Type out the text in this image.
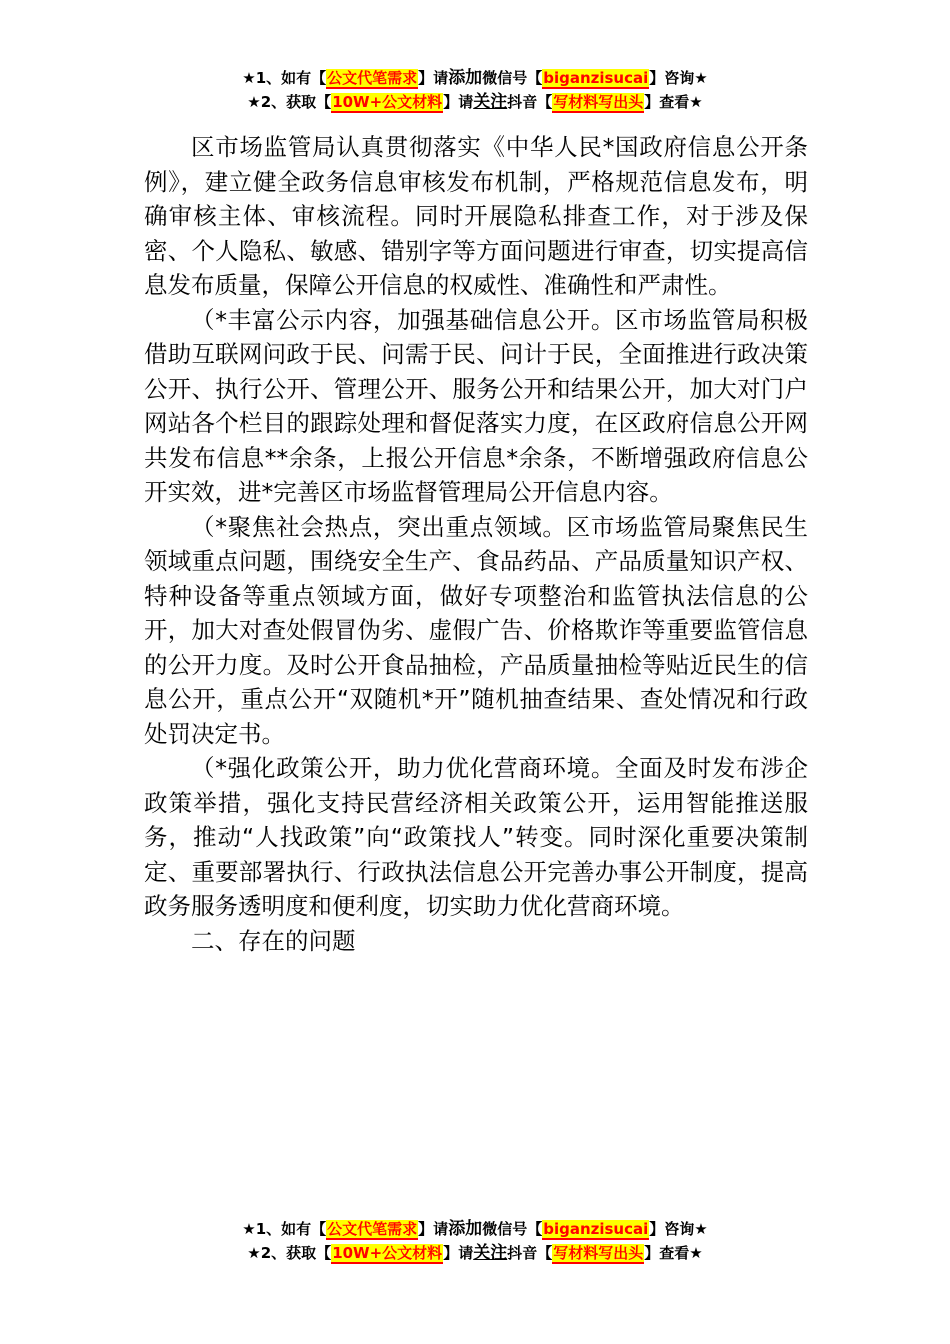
★1、如有【公文代笔需求】请添加微信号【biganzisucai】咨询★
★2、获取【10W+公文材料】请关注抖音【写材料写出头】查看★

区市场监管局认真贯彻落实《中华人民*国政府信息公开条例》，建立健全政务信息审核发布机制，严格规范信息发布，明确审核主体、审核流程。同时开展隐私排查工作，对于涉及保密、个人隐私、敏感、错别字等方面问题进行审查，切实提高信息发布质量，保障公开信息的权威性、准确性和严肃性。

（*丰富公示内容，加强基础信息公开。区市场监管局积极借助互联网问政于民、问需于民、问计于民，全面推进行政决策公开、执行公开、管理公开、服务公开和结果公开，加大对门户网站各个栏目的跟踪处理和督促落实力度，在区政府信息公开网共发布信息**余条，上报公开信息*余条，不断增强政府信息公开实效，进*完善区市场监督管理局公开信息内容。

（*聚焦社会热点，突出重点领域。区市场监管局聚焦民生领域重点问题，围绕安全生产、食品药品、产品质量知识产权、特种设备等重点领域方面，做好专项整治和监管执法信息的公开，加大对查处假冒伪劣、虚假广告、价格欺诈等重要监管信息的公开力度。及时公开食品抽检，产品质量抽检等贴近民生的信息公开，重点公开“双随机*开”随机抽查结果、查处情况和行政处罚决定书。

（*强化政策公开，助力优化营商环境。全面及时发布涉企政策举措，强化支持民营经济相关政策公开，运用智能推送服务，推动“人找政策”向“政策找人”转变。同时深化重要决策制定、重要部署执行、行政执法信息公开完善办事公开制度，提高政务服务透明度和便利度，切实助力优化营商环境。

二、存在的问题

★1、如有【公文代笔需求】请添加微信号【biganzisucai】咨询★
★2、获取【10W+公文材料】请关注抖音【写材料写出头】查看★
